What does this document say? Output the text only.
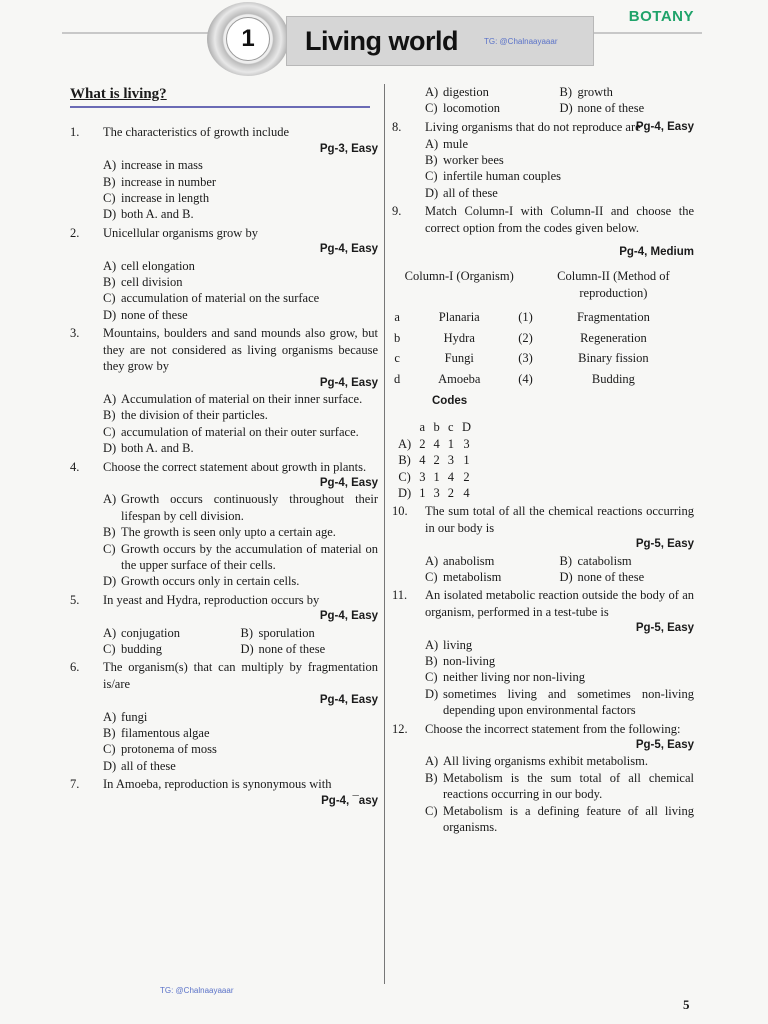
1	Living world	TG: @Chalnaayaaar
BOTANY
What is living?
1. The characteristics of growth include
Pg-3, Easy
A) increase in mass
B) increase in number
C) increase in length
D) both A. and B.
2. Unicellular organisms grow by
Pg-4, Easy
A) cell elongation
B) cell division
C) accumulation of material on the surface
D) none of these
3. Mountains, boulders and sand mounds also grow, but they are not considered as living organisms because they grow by
Pg-4, Easy
A) Accumulation of material on their inner surface.
B) the division of their particles.
C) accumulation of material on their outer surface.
D) both A. and B.
4. Choose the correct statement about growth in plants.
Pg-4, Easy
A) Growth occurs continuously throughout their lifespan by cell division.
B) The growth is seen only upto a certain age.
C) Growth occurs by the accumulation of material on the upper surface of their cells.
D) Growth occurs only in certain cells.
5. In yeast and Hydra, reproduction occurs by
Pg-4, Easy
A) conjugation	B) sporulation
C) budding	D) none of these
6. The organism(s) that can multiply by fragmentation is/are
Pg-4, Easy
A) fungi
B) filamentous algae
C) protonema of moss
D) all of these
7. In Amoeba, reproduction is synonymous with
Pg-4, ¯asy
A) digestion	B) growth
C) locomotion	D) none of these
8. Living organisms that do not reproduce are
Pg-4, Easy
A) mule
B) worker bees
C) infertile human couples
D) all of these
9. Match Column-I with Column-II and choose the correct option from the codes given below.
Pg-4, Medium
	Column-I (Organism)		Column-II (Method of reproduction)

a	Planaria	(1)	Fragmentation
b	Hydra	(2)	Regeneration
c	Fungi	(3)	Binary fission
d	Amoeba	(4)	Budding
Codes
	a	b	c	D
A)	2	4	1	3
B)	4	2	3	1
C)	3	1	4	2
D)	1	3	2	4
10. The sum total of all the chemical reactions occurring in our body is
Pg-5, Easy
A) anabolism	B) catabolism
C) metabolism	D) none of these
11. An isolated metabolic reaction outside the body of an organism, performed in a test-tube is
Pg-5, Easy
A) living
B) non-living
C) neither living nor non-living
D) sometimes living and sometimes non-living depending upon environmental factors
12. Choose the incorrect statement from the following:
Pg-5, Easy
A) All living organisms exhibit metabolism.
B) Metabolism is the sum total of all chemical reactions occurring in our body.
C) Metabolism is a defining feature of all living organisms.
TG: @Chalnaayaaar
5
